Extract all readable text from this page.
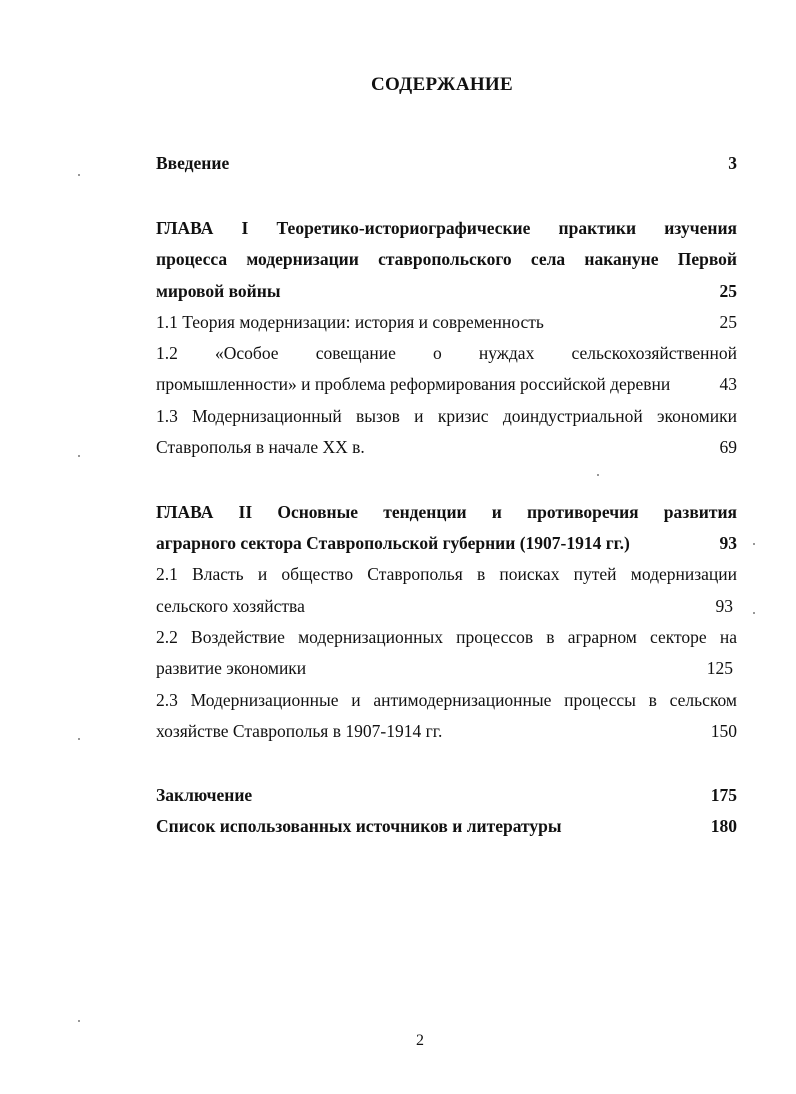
СОДЕРЖАНИЕ
Введение	3
ГЛАВА I Теоретико-историографические практики изучения
процесса модернизации ставропольского села накануне Первой
мировой войны	25
1.1 Теория модернизации: история и современность	25
1.2 «Особое совещание о нуждах сельскохозяйственной
промышленности» и проблема реформирования российской деревни	43
1.3 Модернизационный вызов и кризис доиндустриальной экономики
Ставрополья в начале XX в.	69
ГЛАВА II Основные тенденции и противоречия развития
аграрного сектора Ставропольской губернии (1907-1914 гг.)	93
2.1 Власть и общество Ставрополья в поисках путей модернизации
сельского хозяйства	93
2.2 Воздействие модернизационных процессов в аграрном секторе на
развитие экономики	125
2.3 Модернизационные и антимодернизационные процессы в сельском
хозяйстве Ставрополья в 1907-1914 гг.	150
Заключение	175
Список использованных источников и литературы	180
2
